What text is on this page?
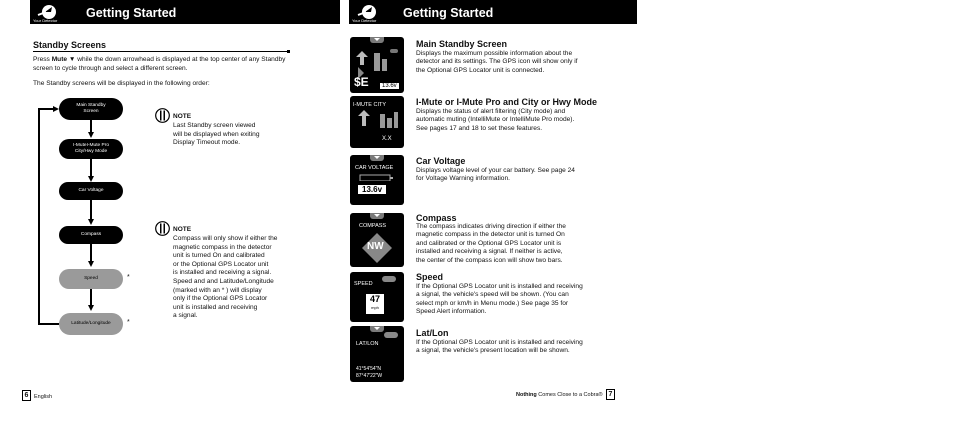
Your Detector
Getting Started
Standby Screens
Press Mute ▼ while the down arrowhead is displayed at the top center of any Standby screen to cycle through and select a different screen.
The Standby screens will be displayed in the following order:
Main Standby
Screen
I-MuteI-Mute Pro
City/Hwy Mode
Car Voltage
Compass
Speed	*
Latitude/Longitude *
NOTE
Last Standby screen viewed
will be displayed when exiting
Display Timeout mode.
NOTE
Compass will only show if either the
magnetic compass in the detector
unit is turned On and calibrated
or the Optional GPS Locator unit
is installed and receiving a signal.
Speed and and Latitude/Longitude
(marked with an * ) will display
only if the Optional GPS Locator
unit is installed and receiving
a signal.
6	English
Your Detector
Getting Started
$E	13.6v
Main Standby Screen
Displays the maximum possible information about the
detector and its settings. The GPS icon will show only if
the Optional GPS Locator unit is connected.
I-MUTE CITY
X.X
I-Mute or I-Mute Pro and City or Hwy Mode
Displays the status of alert filtering (City mode) and
automatic muting (IntelliMute or IntelliMute Pro mode).
See pages 17 and 18 to set these features.
CAR VOLTAGE
13.6v
Car Voltage
Displays voltage level of your car battery. See page 24
for Voltage Warning information.
COMPASS
NW
Compass
The compass indicates driving direction if either the
magnetic compass in the detector unit is turned On
and calibrated or the Optional GPS Locator unit is
installed and receiving a signal. If neither is active,
the center of the compass icon will show two bars.
SPEED
47
mph
Speed
If the Optional GPS Locator unit is installed and receiving
a signal, the vehicle's speed will be shown. (You can
select mph or km/h in Menu mode.) See page 35 for
Speed Alert information.
LAT/LON
41°54'54"N
87°47'22"W
Lat/Lon
If the Optional GPS Locator unit is installed and receiving
a signal, the vehicle's present location will be shown.
Nothing Comes Close to a Cobra® 7
